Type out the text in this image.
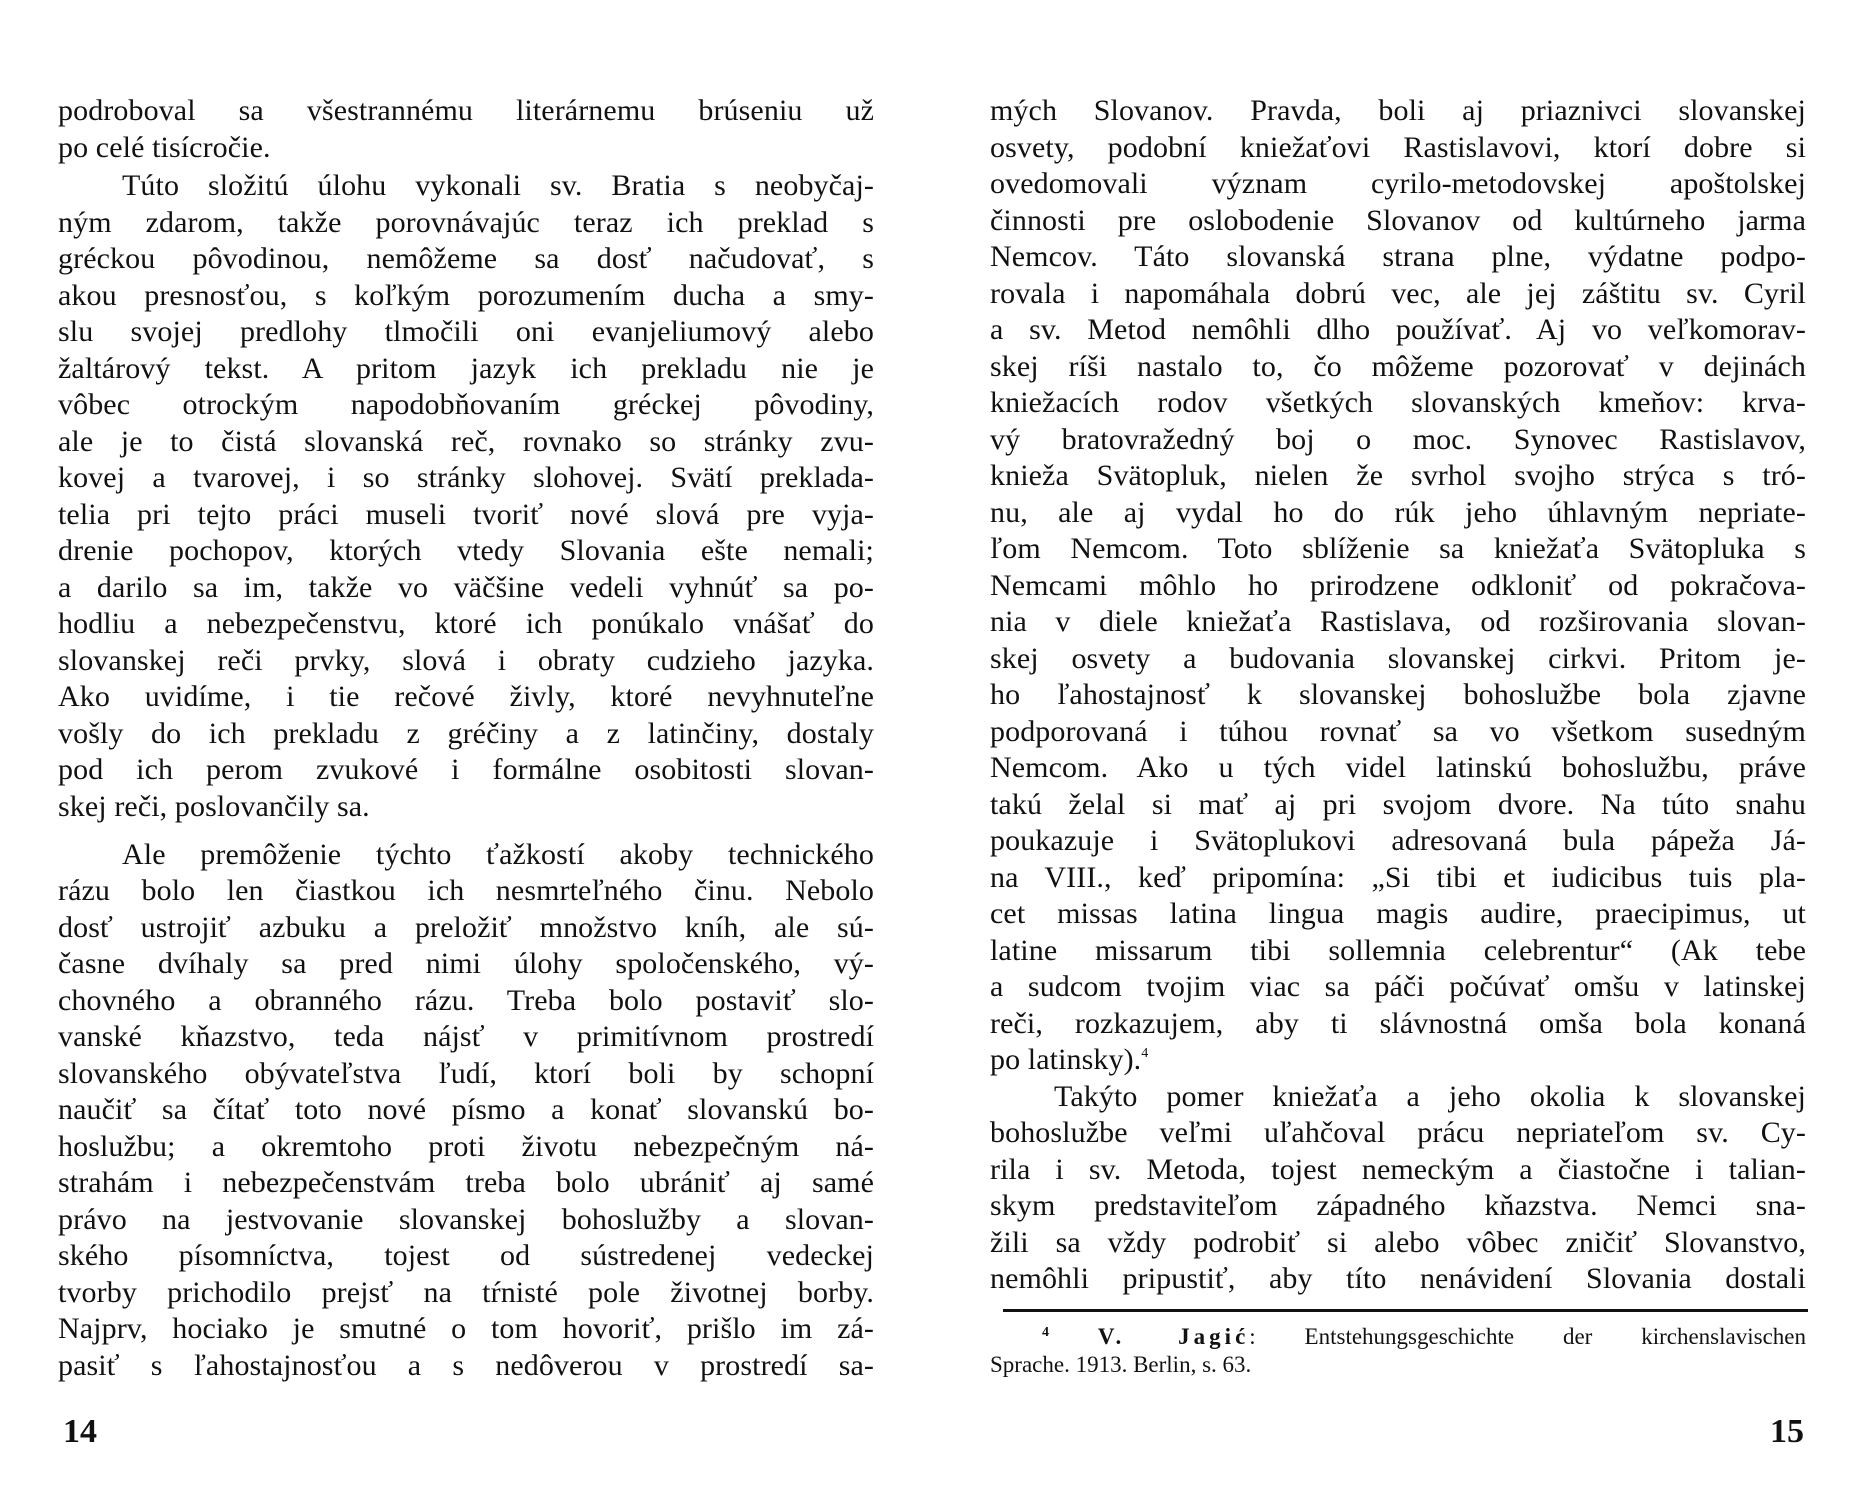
podroboval sa všestrannému literárnemu brúseniu už
po celé tisícročie.
Túto složitú úlohu vykonali sv. Bratia s neobyčaj-
ným zdarom, takže porovnávajúc teraz ich preklad s
gréckou pôvodinou, nemôžeme sa dosť načudovať, s
akou presnosťou, s koľkým porozumením ducha a smy-
slu svojej predlohy tlmočili oni evanjeliumový alebo
žaltárový tekst. A pritom jazyk ich prekladu nie je
vôbec otrockým napodobňovaním gréckej pôvodiny,
ale je to čistá slovanská reč, rovnako so stránky zvu-
kovej a tvarovej, i so stránky slohovej. Svätí preklada-
telia pri tejto práci museli tvoriť nové slová pre vyja-
drenie pochopov, ktorých vtedy Slovania ešte nemali;
a darilo sa im, takže vo väčšine vedeli vyhnúť sa po-
hodliu a nebezpečenstvu, ktoré ich ponúkalo vnášať do
slovanskej reči prvky, slová i obraty cudzieho jazyka.
Ako uvidíme, i tie rečové živly, ktoré nevyhnuteľne
vošly do ich prekladu z gréčiny a z latinčiny, dostaly
pod ich perom zvukové i formálne osobitosti slovan-
skej reči, poslovančily sa.
Ale premôženie týchto ťažkostí akoby technického
rázu bolo len čiastkou ich nesmrteľného činu. Nebolo
dosť ustrojiť azbuku a preložiť množstvo kníh, ale sú-
časne dvíhaly sa pred nimi úlohy spoločenského, vý-
chovného a obranného rázu. Treba bolo postaviť slo-
vanské kňazstvo, teda nájsť v primitívnom prostredí
slovanského obývateľstva ľudí, ktorí boli by schopní
naučiť sa čítať toto nové písmo a konať slovanskú bo-
hoslužbu; a okremtoho proti životu nebezpečným ná-
strahám i nebezpečenstvám treba bolo ubrániť aj samé
právo na jestvovanie slovanskej bohoslužby a slovan-
ského písomníctva, tojest od sústredenej vedeckej
tvorby prichodilo prejsť na tŕnisté pole životnej borby.
Najprv, hociako je smutné o tom hovoriť, prišlo im zá-
pasiť s ľahostajnosťou a s nedôverou v prostredí sa-
14
mých Slovanov. Pravda, boli aj priaznivci slovanskej
osvety, podobní kniežaťovi Rastislavovi, ktorí dobre si
ovedomovali význam cyrilo-metodovskej apoštolskej
činnosti pre oslobodenie Slovanov od kultúrneho jarma
Nemcov. Táto slovanská strana plne, výdatne podpo-
rovala i napomáhala dobrú vec, ale jej záštitu sv. Cyril
a sv. Metod nemôhli dlho používať. Aj vo veľkomorav-
skej ríši nastalo to, čo môžeme pozorovať v dejinách
kniežacích rodov všetkých slovanských kmeňov: krva-
vý bratovražedný boj o moc. Synovec Rastislavov,
knieža Svätopluk, nielen že svrhol svojho strýca s tró-
nu, ale aj vydal ho do rúk jeho úhlavným nepriate-
ľom Nemcom. Toto sblíženie sa kniežaťa Svätopluka s
Nemcami môhlo ho prirodzene odkloniť od pokračova-
nia v diele kniežaťa Rastislava, od rozširovania slovan-
skej osvety a budovania slovanskej cirkvi. Pritom je-
ho ľahostajnosť k slovanskej bohoslužbe bola zjavne
podporovaná i túhou rovnať sa vo všetkom susedným
Nemcom. Ako u tých videl latinskú bohoslužbu, práve
takú želal si mať aj pri svojom dvore. Na túto snahu
poukazuje i Svätoplukovi adresovaná bula pápeža Já-
na VIII., keď pripomína: „Si tibi et iudicibus tuis pla-
cet missas latina lingua magis audire, praecipimus, ut
latine missarum tibi sollemnia celebrentur“ (Ak tebe
a sudcom tvojim viac sa páči počúvať omšu v latinskej
reči, rozkazujem, aby ti slávnostná omša bola konaná
po latinsky).$^4$
Takýto pomer kniežaťa a jeho okolia k slovanskej
bohoslužbe veľmi uľahčoval prácu nepriateľom sv. Cy-
rila i sv. Metoda, tojest nemeckým a čiastočne i talian-
skym predstaviteľom západného kňazstva. Nemci sna-
žili sa vždy podrobiť si alebo vôbec zničiť Slovanstvo,
nemôhli pripustiť, aby títo nenávidení Slovania dostali
$^4$ V. Jagić: Entstehungsgeschichte der kirchenslavischen
Sprache. 1913. Berlin, s. 63.
15
